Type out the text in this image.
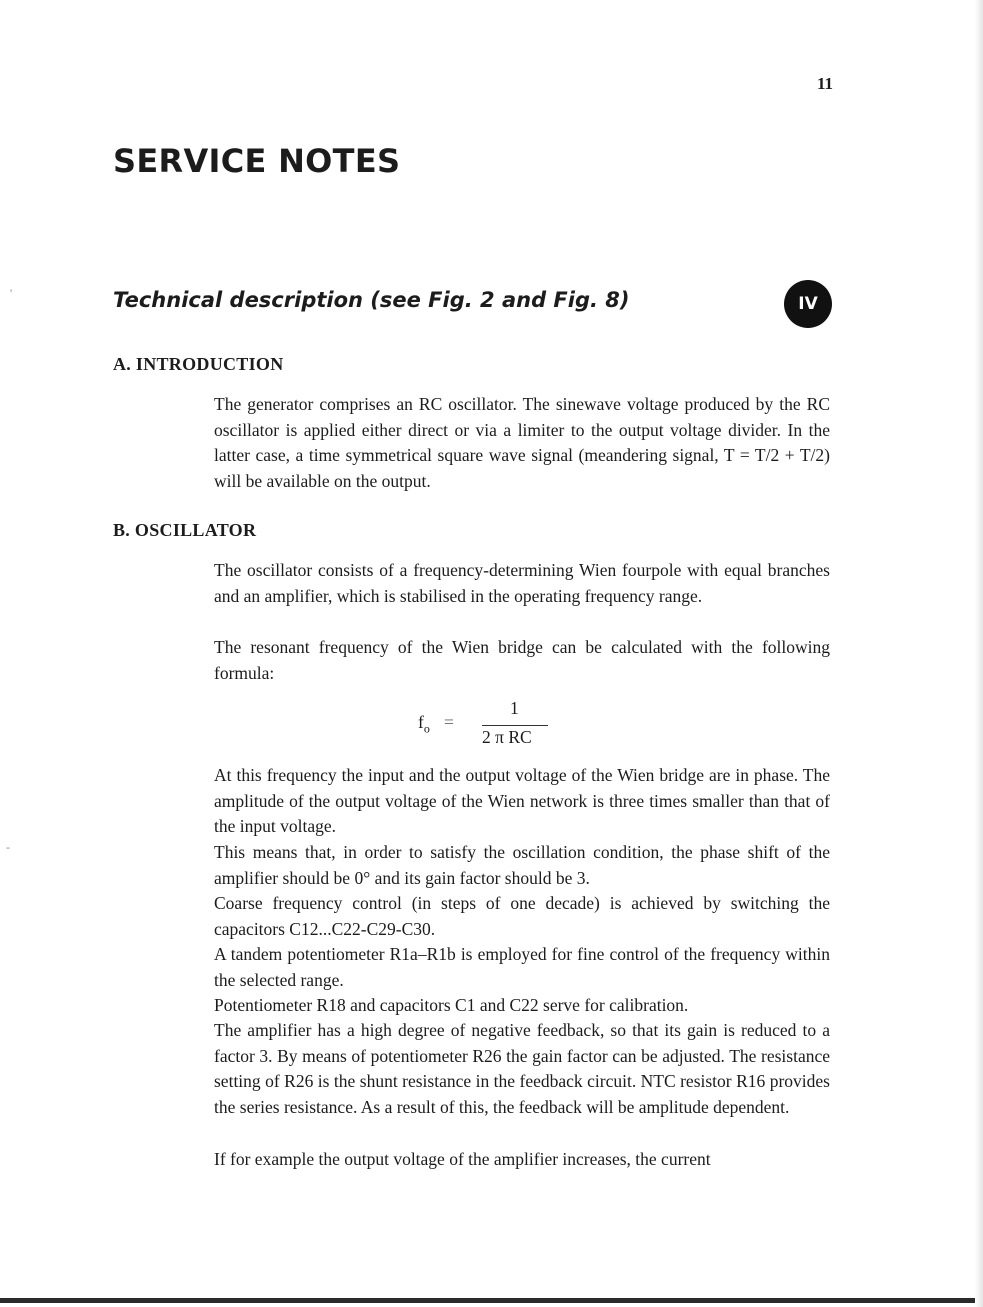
'
-
11
SERVICE NOTES
Technical description (see Fig. 2 and Fig. 8)	IV
A. INTRODUCTION

The generator comprises an RC oscillator. The sinewave voltage produced by the RC oscillator is applied either direct or via a limiter to the output voltage divider. In the latter case, a time symmetrical square wave signal (meandering signal, T = T/2 + T/2) will be available on the output.

B. OSCILLATOR

The oscillator consists of a frequency-determining Wien fourpole with equal branches and an amplifier, which is stabilised in the operating frequency range.

The resonant frequency of the Wien bridge can be calculated with the following formula:

$f_o$ =
1
2 π RC

At this frequency the input and the output voltage of the Wien bridge are in phase. The amplitude of the output voltage of the Wien network is three times smaller than that of the input voltage.

This means that, in order to satisfy the oscillation condition, the phase shift of the amplifier should be 0° and its gain factor should be 3.

Coarse frequency control (in steps of one decade) is achieved by switching the capacitors C12...C22-C29-C30.

A tandem potentiometer R1a–R1b is employed for fine control of the frequency within the selected range.

Potentiometer R18 and capacitors C1 and C22 serve for calibration.

The amplifier has a high degree of negative feedback, so that its gain is reduced to a factor 3. By means of potentiometer R26 the gain factor can be adjusted. The resistance setting of R26 is the shunt resistance in the feedback circuit. NTC resistor R16 provides the series resistance. As a result of this, the feedback will be amplitude dependent.

If for example the output voltage of the amplifier increases, the current
